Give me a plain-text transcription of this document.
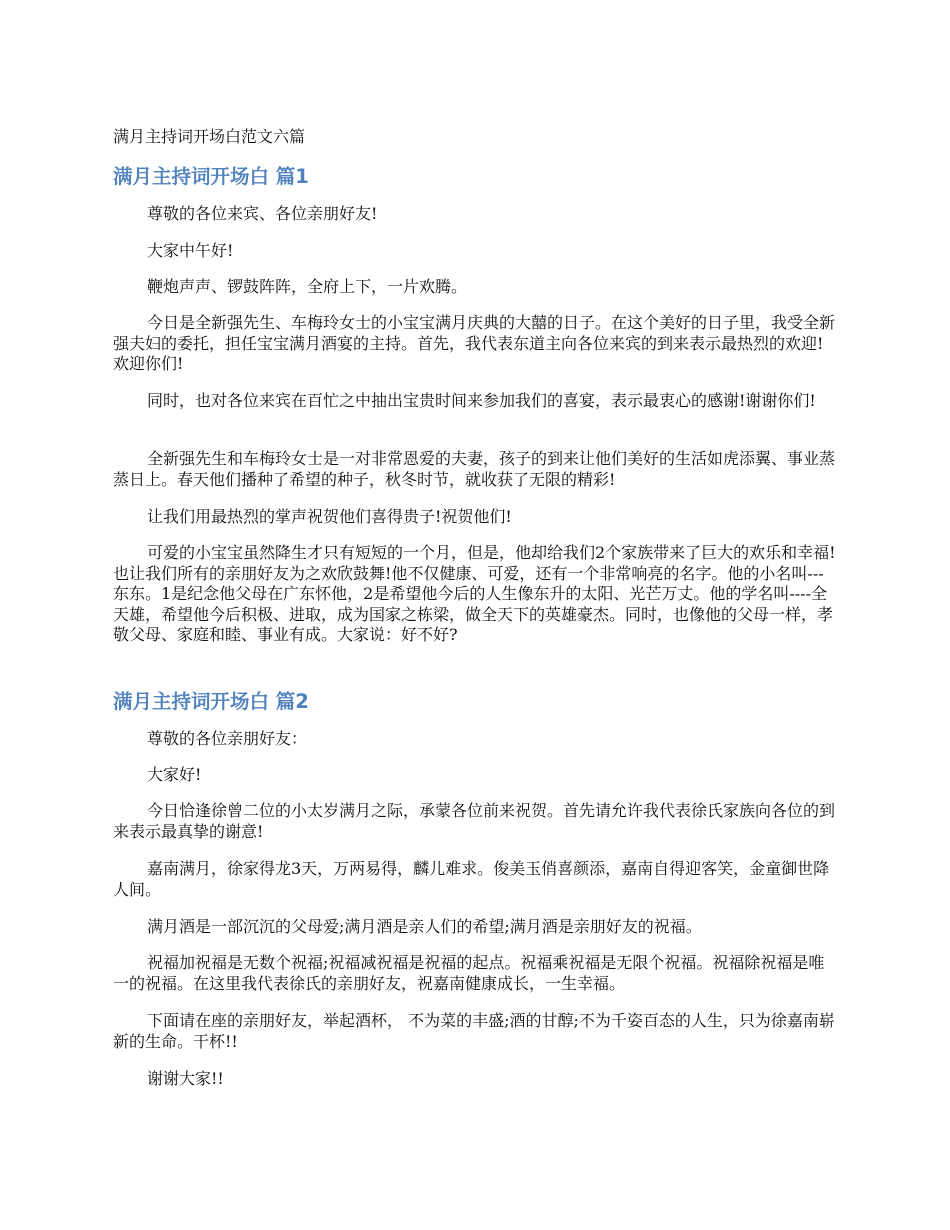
满月主持词开场白范文六篇
满月主持词开场白 篇1

尊敬的各位来宾、各位亲朋好友!

大家中午好!

鞭炮声声、锣鼓阵阵，全府上下，一片欢腾。

今日是全新强先生、车梅玲女士的小宝宝满月庆典的大囍的日子。在这个美好的日子里，我受全新强夫妇的委托，担任宝宝满月酒宴的主持。首先，我代表东道主向各位来宾的到来表示最热烈的欢迎!欢迎你们!

同时，也对各位来宾在百忙之中抽出宝贵时间来参加我们的喜宴，表示最衷心的感谢!谢谢你们!

全新强先生和车梅玲女士是一对非常恩爱的夫妻，孩子的到来让他们美好的生活如虎添翼、事业蒸蒸日上。春天他们播种了希望的种子，秋冬时节，就收获了无限的精彩!

让我们用最热烈的掌声祝贺他们喜得贵子!祝贺他们!

可爱的小宝宝虽然降生才只有短短的一个月，但是，他却给我们2个家族带来了巨大的欢乐和幸福!也让我们所有的亲朋好友为之欢欣鼓舞!他不仅健康、可爱，还有一个非常响亮的名字。他的小名叫---东东。1是纪念他父母在广东怀他，2是希望他今后的人生像东升的太阳、光芒万丈。他的学名叫----全天雄，希望他今后积极、进取，成为国家之栋梁，做全天下的英雄豪杰。同时，也像他的父母一样，孝敬父母、家庭和睦、事业有成。大家说：好不好?

满月主持词开场白 篇2

尊敬的各位亲朋好友：

大家好!

今日恰逢徐曾二位的小太岁满月之际，承蒙各位前来祝贺。首先请允许我代表徐氏家族向各位的到来表示最真挚的谢意!

嘉南满月，徐家得龙3天，万两易得，麟儿难求。俊美玉俏喜颜添，嘉南自得迎客笑，金童御世降人间。

满月酒是一部沉沉的父母爱;满月酒是亲人们的希望;满月酒是亲朋好友的祝福。

祝福加祝福是无数个祝福;祝福减祝福是祝福的起点。祝福乘祝福是无限个祝福。祝福除祝福是唯一的祝福。在这里我代表徐氏的亲朋好友，祝嘉南健康成长，一生幸福。

下面请在座的亲朋好友，举起酒杯， 不为菜的丰盛;酒的甘醇;不为千姿百态的人生，只为徐嘉南崭新的生命。干杯!!

谢谢大家!!
